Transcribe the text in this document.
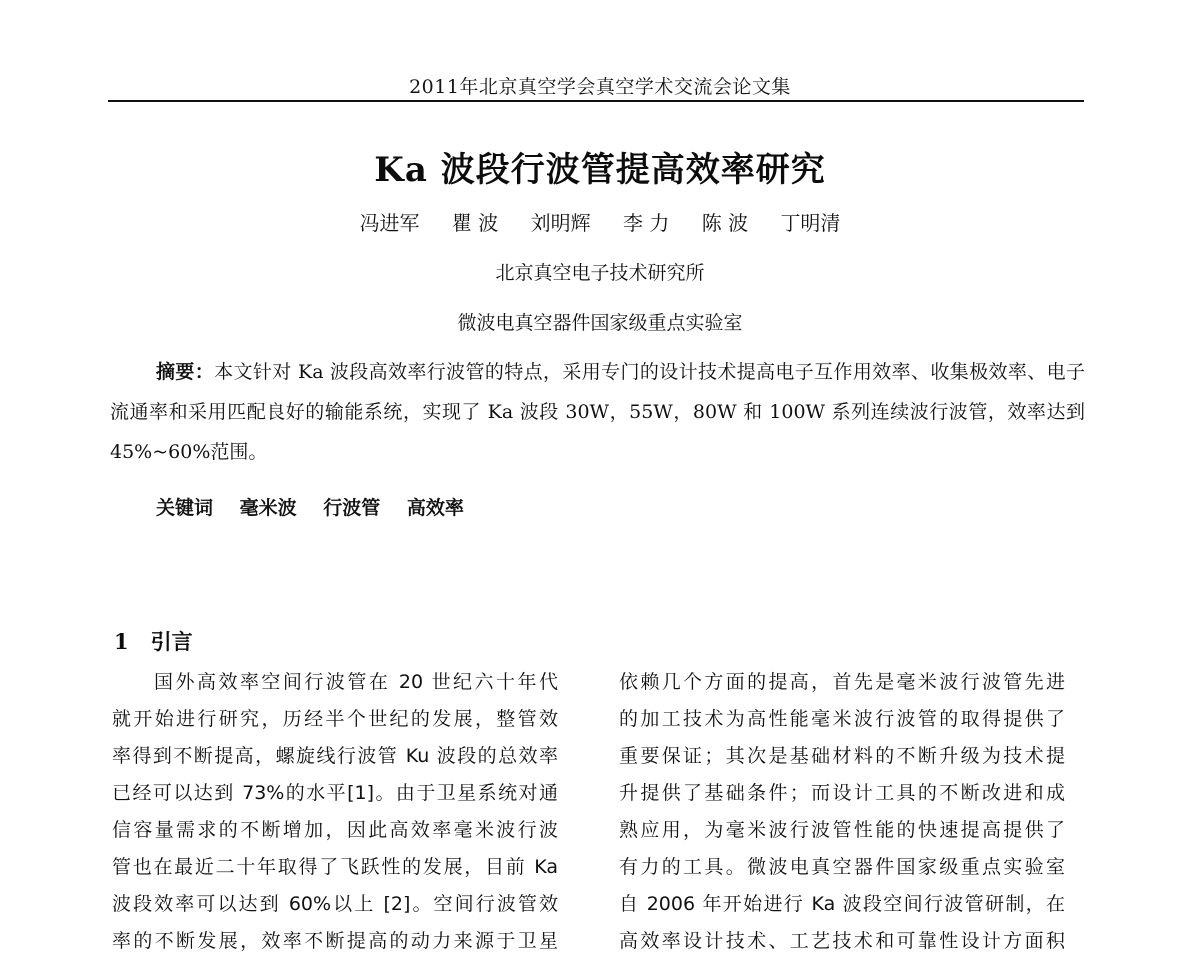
2011年北京真空学会真空学术交流会论文集
Ka 波段行波管提高效率研究
冯进军 瞿 波 刘明辉 李 力 陈 波 丁明清
北京真空电子技术研究所
微波电真空器件国家级重点实验室
摘要：本文针对 Ka 波段高效率行波管的特点，采用专门的设计技术提高电子互作用效率、收集极效率、电子流通率和采用匹配良好的输能系统，实现了 Ka 波段 30W，55W，80W 和 100W 系列连续波行波管，效率达到 45%~60%范围。
关键词 毫米波 行波管 高效率
1 引言
国外高效率空间行波管在 20 世纪六十年代
就开始进行研究，历经半个世纪的发展，整管效
率得到不断提高，螺旋线行波管 Ku 波段的总效率
已经可以达到 73%的水平[1]。由于卫星系统对通
信容量需求的不断增加，因此高效率毫米波行波
管也在最近二十年取得了飞跃性的发展，目前 Ka
波段效率可以达到 60%以上 [2]。空间行波管效
率的不断发展，效率不断提高的动力来源于卫星
依赖几个方面的提高，首先是毫米波行波管先进
的加工技术为高性能毫米波行波管的取得提供了
重要保证；其次是基础材料的不断升级为技术提
升提供了基础条件；而设计工具的不断改进和成
熟应用，为毫米波行波管性能的快速提高提供了
有力的工具。微波电真空器件国家级重点实验室
自 2006 年开始进行 Ka 波段空间行波管研制，在
高效率设计技术、工艺技术和可靠性设计方面积
